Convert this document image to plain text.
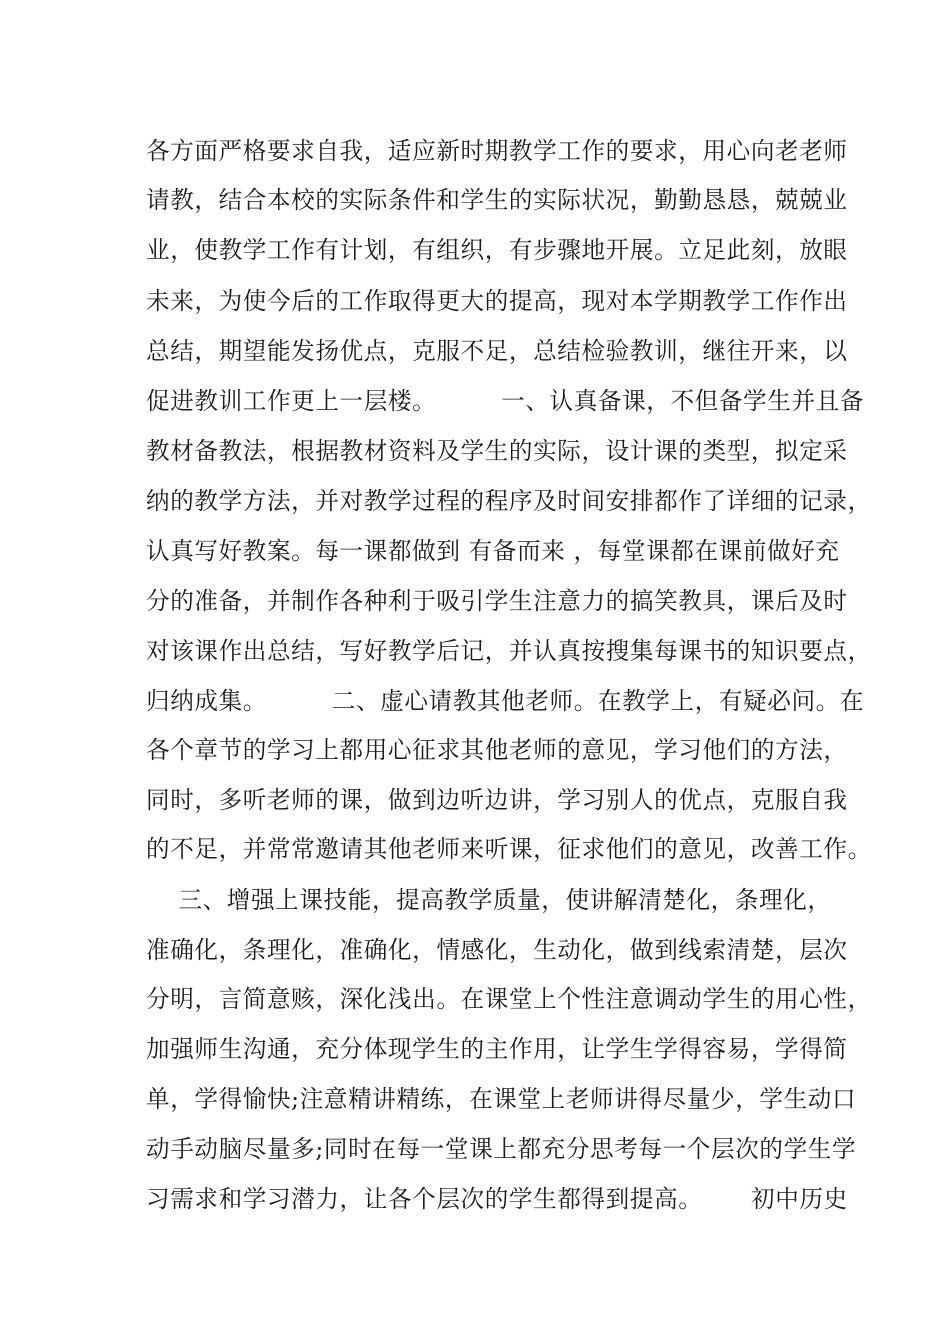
各方面严格要求自我，适应新时期教学工作的要求，用心向老老师
请教，结合本校的实际条件和学生的实际状况，勤勤恳恳，兢兢业
业，使教学工作有计划，有组织，有步骤地开展。立足此刻，放眼
未来，为使今后的工作取得更大的提高，现对本学期教学工作作出
总结，期望能发扬优点，克服不足，总结检验教训，继往开来，以
促进教训工作更上一层楼。        一、认真备课，不但备学生并且备
教材备教法，根据教材资料及学生的实际，设计课的类型，拟定采
纳的教学方法，并对教学过程的程序及时间安排都作了详细的记录，
认真写好教案。每一课都做到 有备而来 ，每堂课都在课前做好充
分的准备，并制作各种利于吸引学生注意力的搞笑教具，课后及时
对该课作出总结，写好教学后记，并认真按搜集每课书的知识要点，
归纳成集。        二、虚心请教其他老师。在教学上，有疑必问。在
各个章节的学习上都用心征求其他老师的意见，学习他们的方法，
同时，多听老师的课，做到边听边讲，学习别人的优点，克服自我
的不足，并常常邀请其他老师来听课，征求他们的意见，改善工作。
三、增强上课技能，提高教学质量，使讲解清楚化，条理化，
准确化，条理化，准确化，情感化，生动化，做到线索清楚，层次
分明，言简意赅，深化浅出。在课堂上个性注意调动学生的用心性，
加强师生沟通，充分体现学生的主作用，让学生学得容易，学得简
单，学得愉快;注意精讲精练，在课堂上老师讲得尽量少，学生动口
动手动脑尽量多;同时在每一堂课上都充分思考每一个层次的学生学
习需求和学习潜力，让各个层次的学生都得到提高。      初中历史
